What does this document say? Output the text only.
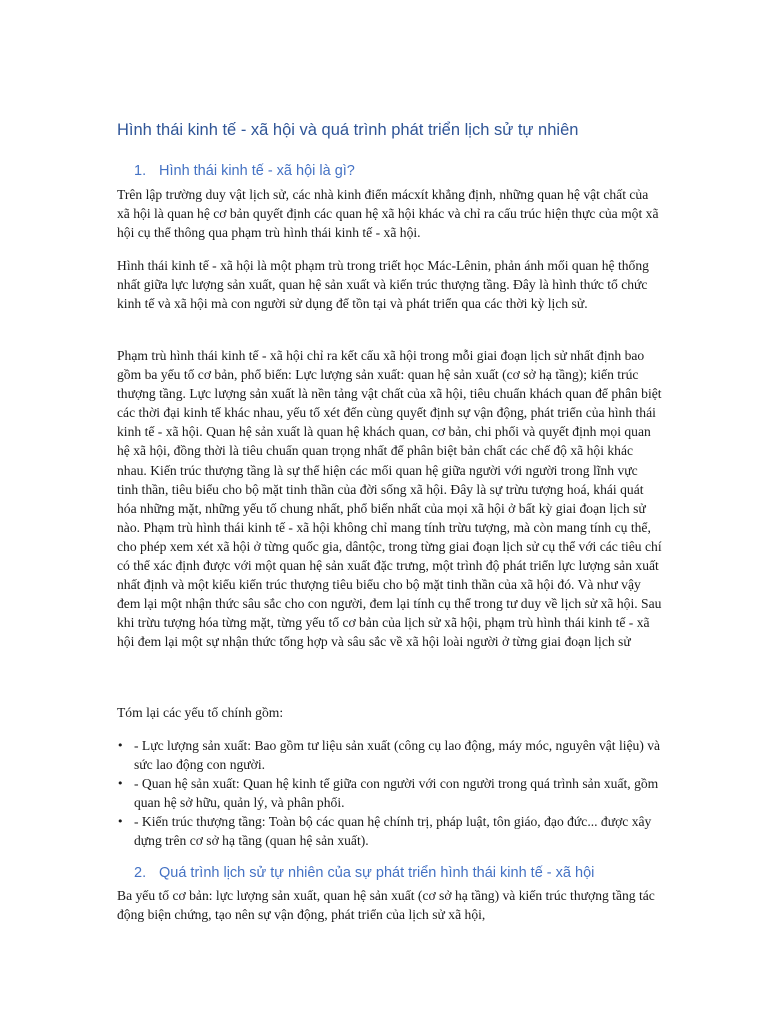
Hình thái kinh tế - xã hội và quá trình phát triển lịch sử tự nhiên
1. Hình thái kinh tế - xã hội là gì?

Trên lập trường duy vật lịch sử, các nhà kinh điển mácxít khẳng định, những quan hệ vật chất của xã hội là quan hệ cơ bản quyết định các quan hệ xã hội khác và chỉ ra cấu trúc hiện thực của một xã hội cụ thể thông qua phạm trù hình thái kinh tế - xã hội.

Hình thái kinh tế - xã hội là một phạm trù trong triết học Mác-Lênin, phản ánh mối quan hệ thống nhất giữa lực lượng sản xuất, quan hệ sản xuất và kiến trúc thượng tầng. Đây là hình thức tổ chức kinh tế và xã hội mà con người sử dụng để tồn tại và phát triển qua các thời kỳ lịch sử.

Phạm trù hình thái kinh tế - xã hội chỉ ra kết cấu xã hội trong mỗi giai đoạn lịch sử nhất định bao gồm ba yếu tố cơ bản, phổ biến: Lực lượng sản xuất: quan hệ sản xuất (cơ sở hạ tầng); kiến trúc thượng tầng. Lực lượng sản xuất là nền tảng vật chất của xã hội, tiêu chuẩn khách quan để phân biệt các thời đại kinh tế khác nhau, yếu tố xét đến cùng quyết định sự vận động, phát triển của hình thái kinh tế - xã hội. Quan hệ sản xuất là quan hệ khách quan, cơ bản, chi phối và quyết định mọi quan hệ xã hội, đồng thời là tiêu chuẩn quan trọng nhất để phân biệt bản chất các chế độ xã hội khác nhau. Kiến trúc thượng tầng là sự thể hiện các mối quan hệ giữa người với người trong lĩnh vực tinh thần, tiêu biểu cho bộ mặt tinh thần của đời sống xã hội. Đây là sự trừu tượng hoá, khái quát hóa những mặt, những yếu tố chung nhất, phổ biến nhất của mọi xã hội ở bất kỳ giai đoạn lịch sử nào. Phạm trù hình thái kinh tế - xã hội không chỉ mang tính trừu tượng, mà còn mang tính cụ thể, cho phép xem xét xã hội ở từng quốc gia, dântộc, trong từng giai đoạn lịch sử cụ thể với các tiêu chí có thể xác định được với một quan hệ sản xuất đặc trưng, một trình độ phát triển lực lượng sản xuất nhất định và một kiểu kiến trúc thượng tiêu biểu cho bộ mặt tinh thần của xã hội đó. Và như vậy đem lại một nhận thức sâu sắc cho con người, đem lại tính cụ thể trong tư duy về lịch sử xã hội. Sau khi trừu tượng hóa từng mặt, từng yếu tố cơ bản của lịch sử xã hội, phạm trù hình thái kinh tế - xã hội đem lại một sự nhận thức tổng hợp và sâu sắc về xã hội loài người ở từng giai đoạn lịch sử

Tóm lại các yếu tố chính gồm:

• - Lực lượng sản xuất: Bao gồm tư liệu sản xuất (công cụ lao động, máy móc, nguyên vật liệu) và sức lao động con người.
• - Quan hệ sản xuất: Quan hệ kinh tế giữa con người với con người trong quá trình sản xuất, gồm quan hệ sở hữu, quản lý, và phân phối.
• - Kiến trúc thượng tầng: Toàn bộ các quan hệ chính trị, pháp luật, tôn giáo, đạo đức... được xây dựng trên cơ sở hạ tầng (quan hệ sản xuất).
2. Quá trình lịch sử tự nhiên của sự phát triển hình thái kinh tế - xã hội

Ba yếu tố cơ bản: lực lượng sản xuất, quan hệ sản xuất (cơ sở hạ tầng) và kiến trúc thượng tầng tác động biện chứng, tạo nên sự vận động, phát triển của lịch sử xã hội,
